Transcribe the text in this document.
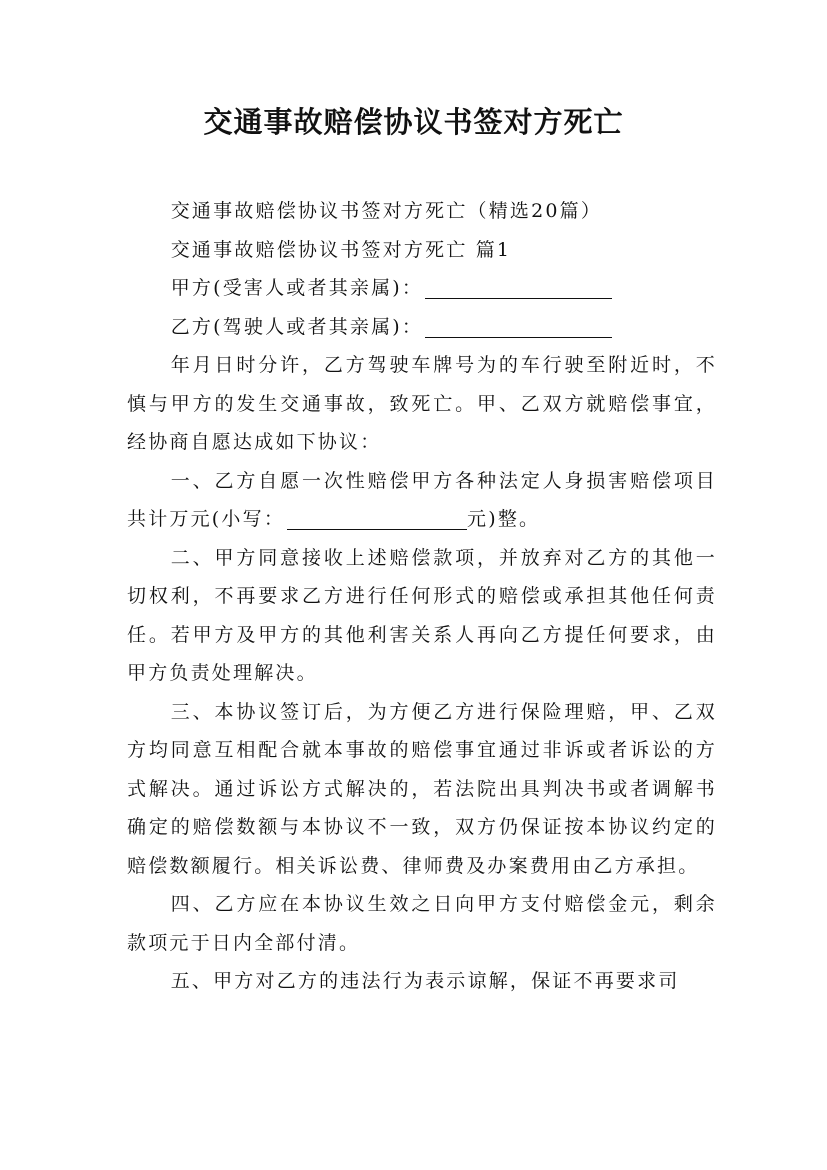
交通事故赔偿协议书签对方死亡

交通事故赔偿协议书签对方死亡（精选20篇）

交通事故赔偿协议书签对方死亡 篇1

甲方(受害人或者其亲属)：

乙方(驾驶人或者其亲属)：

年月日时分许，乙方驾驶车牌号为的车行驶至附近时，不慎与甲方的发生交通事故，致死亡。甲、乙双方就赔偿事宜，经协商自愿达成如下协议：

一、乙方自愿一次性赔偿甲方各种法定人身损害赔偿项目共计万元(小写：	元)整。

二、甲方同意接收上述赔偿款项，并放弃对乙方的其他一切权利，不再要求乙方进行任何形式的赔偿或承担其他任何责任。若甲方及甲方的其他利害关系人再向乙方提任何要求，由甲方负责处理解决。

三、本协议签订后，为方便乙方进行保险理赔，甲、乙双方均同意互相配合就本事故的赔偿事宜通过非诉或者诉讼的方式解决。通过诉讼方式解决的，若法院出具判决书或者调解书确定的赔偿数额与本协议不一致，双方仍保证按本协议约定的赔偿数额履行。相关诉讼费、律师费及办案费用由乙方承担。

四、乙方应在本协议生效之日向甲方支付赔偿金元，剩余款项元于日内全部付清。

五、甲方对乙方的违法行为表示谅解，保证不再要求司
